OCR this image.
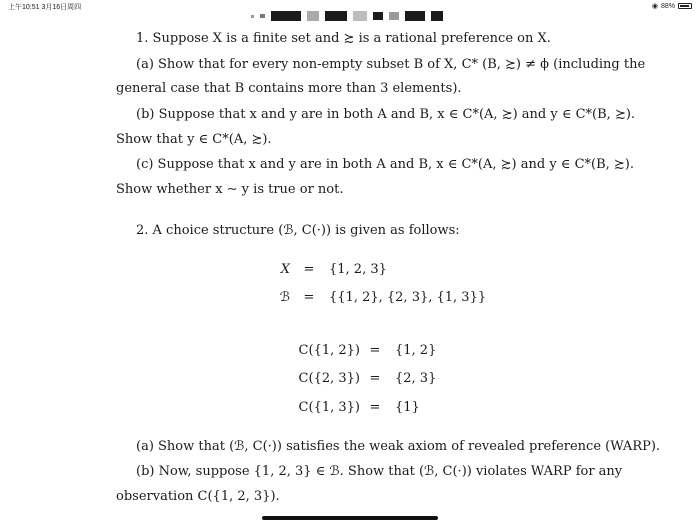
上午10:51 3月16日周四	◉ 88%
1. Suppose X is a finite set and ≿ is a rational preference on X.
(a) Show that for every non-empty subset B of X, C* (B, ≿) ≠ ϕ (including the
general case that B contains more than 3 elements).
(b) Suppose that x and y are in both A and B, x ∈ C*(A, ≿) and y ∈ C*(B, ≿).
Show that y ∈ C*(A, ≿).
(c) Suppose that x and y are in both A and B, x ∈ C*(A, ≿) and y ∈ C*(B, ≿).
Show whether x ∼ y is true or not.
2. A choice structure (ℬ, C(·)) is given as follows:
X = {1, 2, 3}
ℬ = {{1, 2}, {2, 3}, {1, 3}}
C({1, 2}) = {1, 2}
C({2, 3}) = {2, 3}
C({1, 3}) = {1}
(a) Show that (ℬ, C(·)) satisfies the weak axiom of revealed preference (WARP).
(b) Now, suppose {1, 2, 3} ∈ ℬ. Show that (ℬ, C(·)) violates WARP for any
observation C({1, 2, 3}).
